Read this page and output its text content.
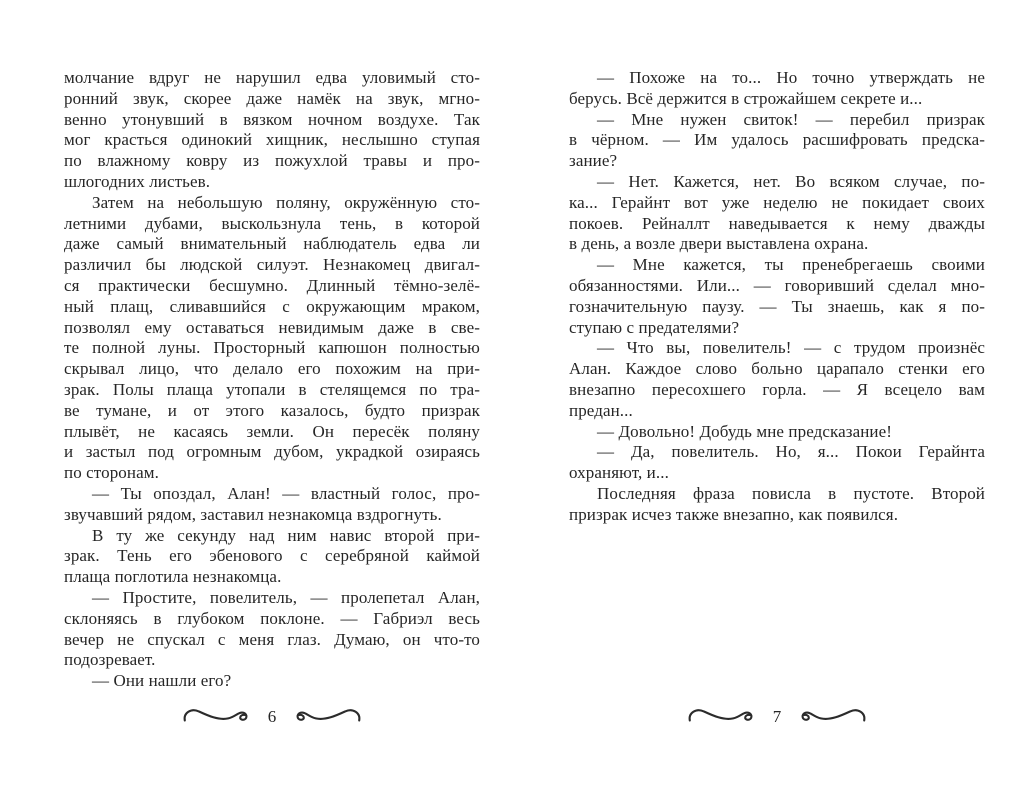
молчание вдруг не нарушил едва уловимый сто-
ронний звук, скорее даже намёк на звук, мгно-
венно утонувший в вязком ночном воздухе. Так
мог красться одинокий хищник, неслышно ступая
по влажному ковру из пожухлой травы и про-
шлогодних листьев.
Затем на небольшую поляну, окружённую сто-
летними дубами, выскользнула тень, в которой
даже самый внимательный наблюдатель едва ли
различил бы людской силуэт. Незнакомец двигал-
ся практически бесшумно. Длинный тёмно-зелё-
ный плащ, сливавшийся с окружающим мраком,
позволял ему оставаться невидимым даже в све-
те полной луны. Просторный капюшон полностью
скрывал лицо, что делало его похожим на при-
зрак. Полы плаща утопали в стелящемся по тра-
ве тумане, и от этого казалось, будто призрак
плывёт, не касаясь земли. Он пересёк поляну
и застыл под огромным дубом, украдкой озираясь
по сторонам.
— Ты опоздал, Алан! — властный голос, про-
звучавший рядом, заставил незнакомца вздрогнуть.
В ту же секунду над ним навис второй при-
зрак. Тень его эбенового с серебряной каймой
плаща поглотила незнакомца.
— Простите, повелитель, — пролепетал Алан,
склоняясь в глубоком поклоне. — Габриэл весь
вечер не спускал с меня глаз. Думаю, он что-то
подозревает.
— Они нашли его?
6
— Похоже на то... Но точно утверждать не
берусь. Всё держится в строжайшем секрете и...
— Мне нужен свиток! — перебил призрак
в чёрном. — Им удалось расшифровать предска-
зание?
— Нет. Кажется, нет. Во всяком случае, по-
ка... Герайнт вот уже неделю не покидает своих
покоев. Рейналлт наведывается к нему дважды
в день, а возле двери выставлена охрана.
— Мне кажется, ты пренебрегаешь своими
обязанностями. Или... — говоривший сделал мно-
гозначительную паузу. — Ты знаешь, как я по-
ступаю с предателями?
— Что вы, повелитель! — с трудом произнёс
Алан. Каждое слово больно царапало стенки его
внезапно пересохшего горла. — Я всецело вам
предан...
— Довольно! Добудь мне предсказание!
— Да, повелитель. Но, я... Покои Герайнта
охраняют, и...
Последняя фраза повисла в пустоте. Второй
призрак исчез также внезапно, как появился.
7
